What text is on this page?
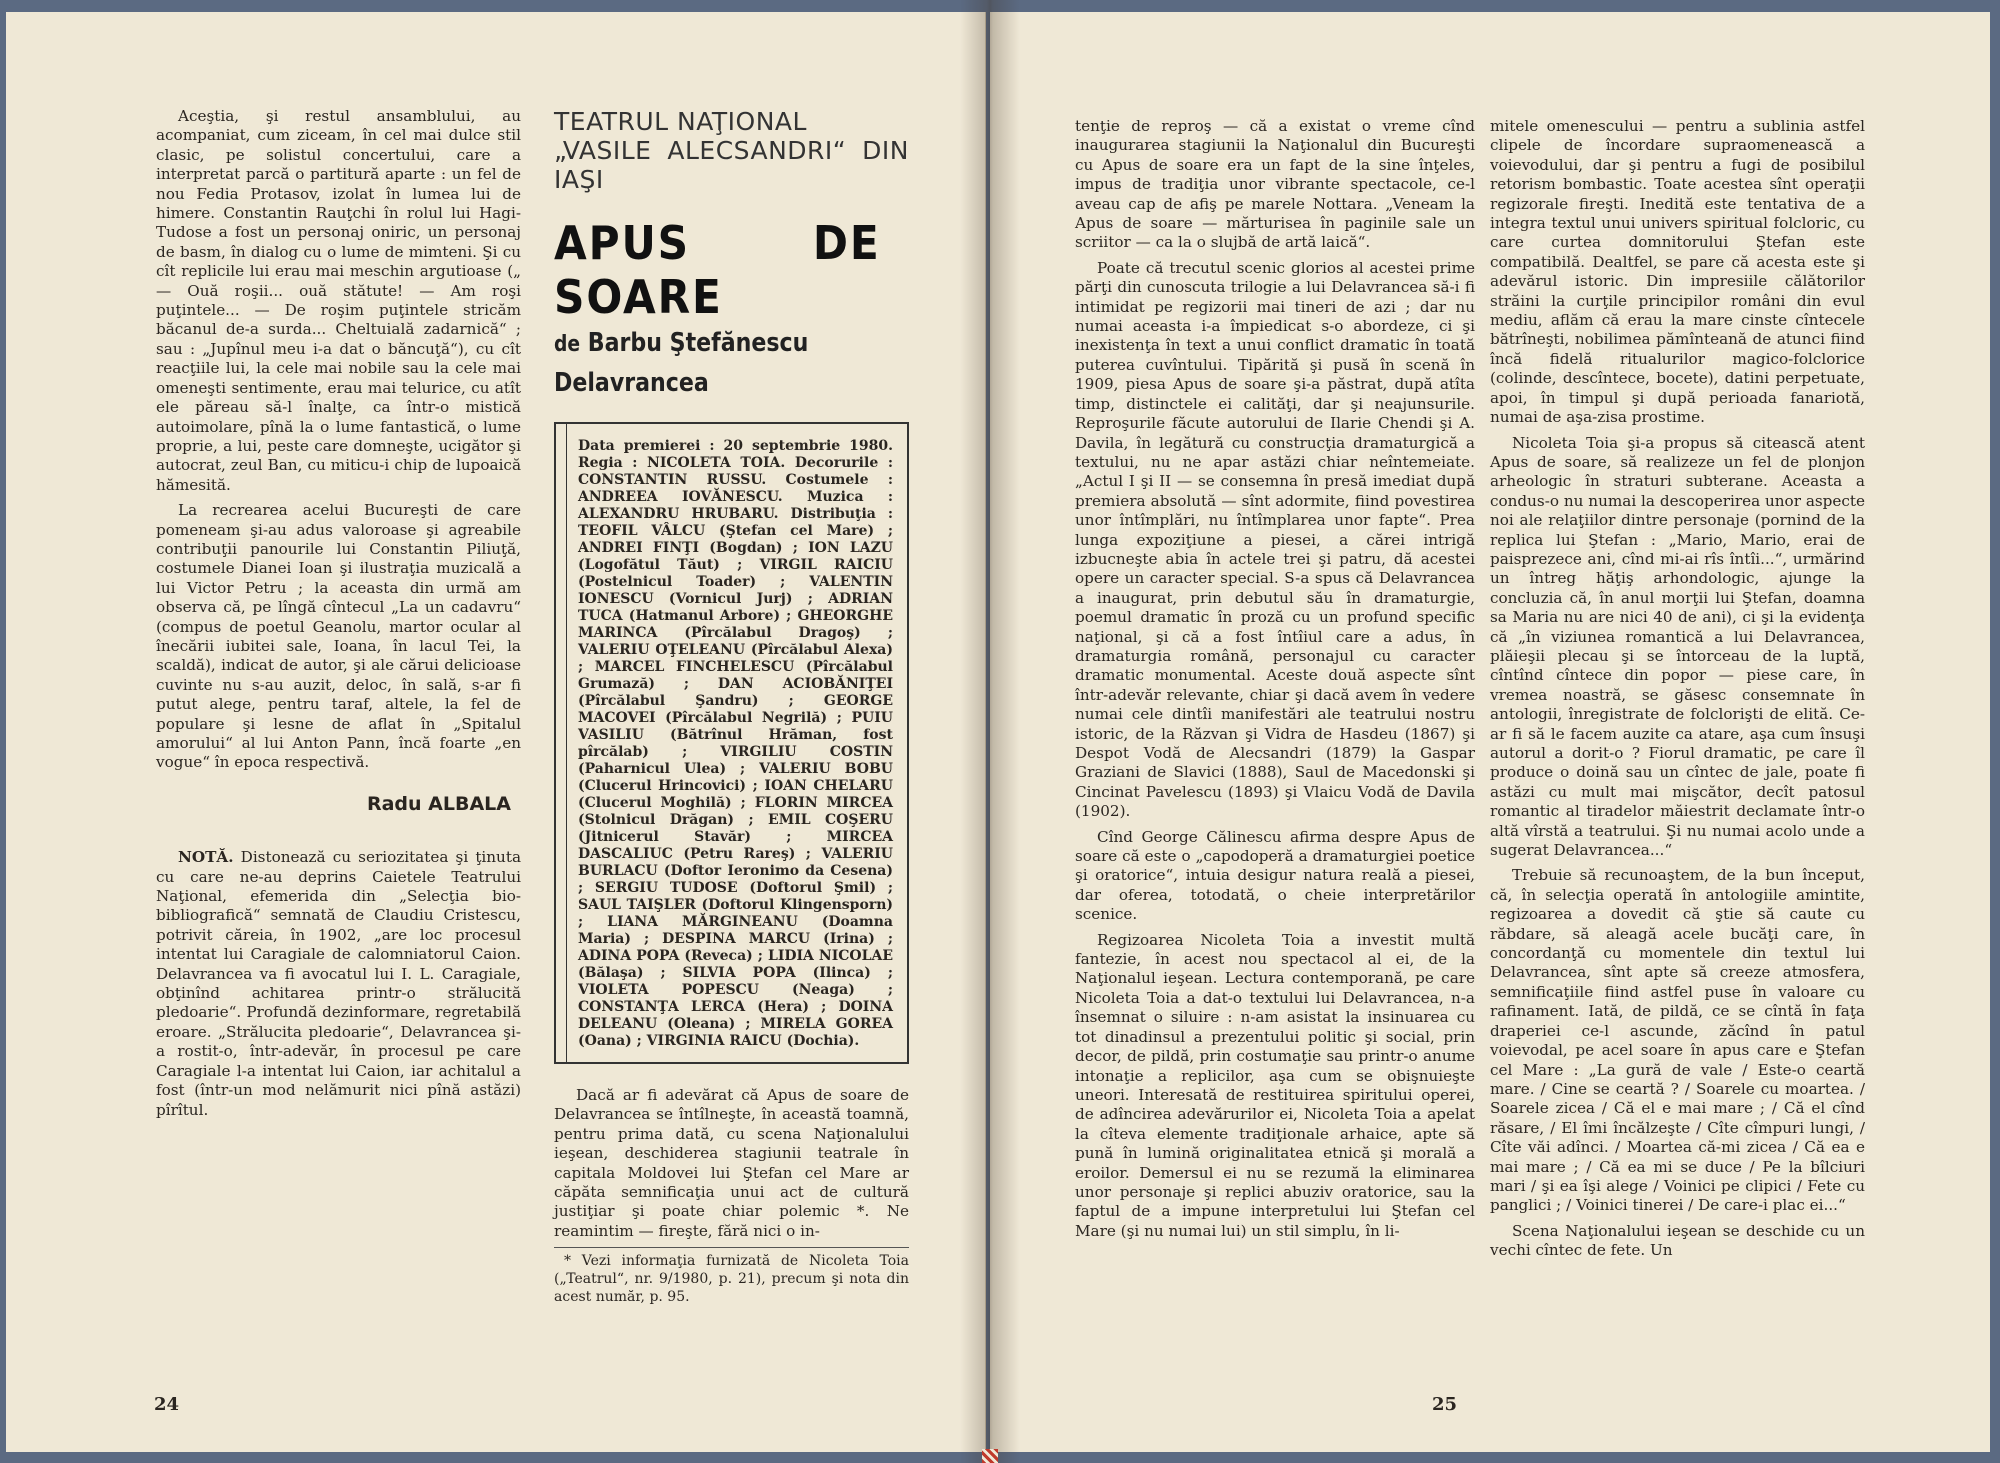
Aceştia, şi restul ansamblului, au acompaniat, cum ziceam, în cel mai dulce stil clasic, pe solistul concertului, care a interpretat parcă o partitură aparte : un fel de nou Fedia Protasov, izolat în lumea lui de himere. Constantin Rauţchi în rolul lui Hagi-Tudose a fost un personaj oniric, un personaj de basm, în dialog cu o lume de mimteni. Şi cu cît replicile lui erau mai meschin argutioase („ — Ouă roşii... ouă stătute! — Am roşi puţintele... — De roşim puţintele stricăm băcanul de-a surda... Cheltuială zadarnică“ ; sau : „Jupînul meu i-a dat o băncuţă“), cu cît reacţiile lui, la cele mai nobile sau la cele mai omeneşti sentimente, erau mai telurice, cu atît ele păreau să-l înalţe, ca într-o mistică autoimolare, pînă la o lume fantastică, o lume proprie, a lui, peste care domneşte, ucigător şi autocrat, zeul Ban, cu miticu-i chip de lupoaică hămesită.

La recrearea acelui Bucureşti de care pomeneam şi-au adus valoroase şi agreabile contribuţii panourile lui Constantin Piliuţă, costumele Dianei Ioan şi ilustraţia muzicală a lui Victor Petru ; la aceasta din urmă am observa că, pe lîngă cîntecul „La un cadavru“ (compus de poetul Geanolu, martor ocular al înecării iubitei sale, Ioana, în lacul Tei, la scaldă), indicat de autor, şi ale cărui delicioase cuvinte nu s-au auzit, deloc, în sală, s-ar fi putut alege, pentru taraf, altele, la fel de populare şi lesne de aflat în „Spitalul amorului“ al lui Anton Pann, încă foarte „en vogue“ în epoca respectivă.

Radu ALBALA

NOTĂ. Distonează cu seriozitatea şi ţinuta cu care ne-au deprins Caietele Teatrului Naţional, efemerida din „Selecţia bio-bibliografică“ semnată de Claudiu Cristescu, potrivit căreia, în 1902, „are loc procesul intentat lui Caragiale de calomniatorul Caion. Delavrancea va fi avocatul lui I. L. Caragiale, obţinînd achitarea printr-o strălucită pledoarie“. Profundă dezinformare, regretabilă eroare. „Strălucita pledoarie“, Delavrancea şi-a rostit-o, într-adevăr, în procesul pe care Caragiale l-a intentat lui Caion, iar achitalul a fost (într-un mod nelămurit nici pînă astăzi) pîrîtul.

TEATRUL NAŢIONAL
„VASILE ALECSANDRI“ DIN IAŞI
APUS DE SOARE
de Barbu Ştefănescu
Delavrancea

Data premierei : 20 septembrie 1980. Regia : NICOLETA TOIA. Decorurile : CONSTANTIN RUSSU. Costumele : ANDREEA IOVĂNESCU. Muzica : ALEXANDRU HRUBARU. Distribuţia : TEOFIL VÂLCU (Ştefan cel Mare) ; ANDREI FINŢI (Bogdan) ; ION LAZU (Logofătul Tăut) ; VIRGIL RAICIU (Postelnicul Toader) ; VALENTIN IONESCU (Vornicul Jurj) ; ADRIAN TUCA (Hatmanul Arbore) ; GHEORGHE MARINCA (Pîrcălabul Dragoş) ; VALERIU OŢELEANU (Pîrcălabul Alexa) ; MARCEL FINCHELESCU (Pîrcălabul Grumază) ; DAN ACIOBĂNIŢEI (Pîrcălabul Şandru) ; GEORGE MACOVEI (Pîrcălabul Negrilă) ; PUIU VASILIU (Bătrînul Hrăman, fost pîrcălab) ; VIRGILIU COSTIN (Paharnicul Ulea) ; VALERIU BOBU (Clucerul Hrincovici) ; IOAN CHELARU (Clucerul Moghilă) ; FLORIN MIRCEA (Stolnicul Drăgan) ; EMIL COŞERU (Jitnicerul Stavăr) ; MIRCEA DASCALIUC (Petru Rareş) ; VALERIU BURLACU (Doftor Ieronimo da Cesena) ; SERGIU TUDOSE (Doftorul Şmil) ; SAUL TAIŞLER (Doftorul Klingensporn) ; LIANA MĂRGINEANU (Doamna Maria) ; DESPINA MARCU (Irina) ; ADINA POPA (Reveca) ; LIDIA NICOLAE (Bălaşa) ; SILVIA POPA (Ilinca) ; VIOLETA POPESCU (Neaga) ; CONSTANŢA LERCA (Hera) ; DOINA DELEANU (Oleana) ; MIRELA GOREA (Oana) ; VIRGINIA RAICU (Dochia).

Dacă ar fi adevărat că Apus de soare de Delavrancea se întîlneşte, în această toamnă, pentru prima dată, cu scena Naţionalului ieşean, deschiderea stagiunii teatrale în capitala Moldovei lui Ştefan cel Mare ar căpăta semnificaţia unui act de cultură justiţiar şi poate chiar polemic *. Ne reamintim — fireşte, fără nici o in-

* Vezi informaţia furnizată de Nicoleta Toia („Teatrul“, nr. 9/1980, p. 21), precum şi nota din acest număr, p. 95.

24

tenţie de reproş — că a existat o vreme cînd inaugurarea stagiunii la Naţionalul din Bucureşti cu Apus de soare era un fapt de la sine înţeles, impus de tradiţia unor vibrante spectacole, ce-l aveau cap de afiş pe marele Nottara. „Veneam la Apus de soare — mărturisea în paginile sale un scriitor — ca la o slujbă de artă laică“.

Poate că trecutul scenic glorios al acestei prime părţi din cunoscuta trilogie a lui Delavrancea să-i fi intimidat pe regizorii mai tineri de azi ; dar nu numai aceasta i-a împiedicat s-o abordeze, ci şi inexistenţa în text a unui conflict dramatic în toată puterea cuvîntului. Tipărită şi pusă în scenă în 1909, piesa Apus de soare şi-a păstrat, după atîta timp, distinctele ei calităţi, dar şi neajunsurile. Reproşurile făcute autorului de Ilarie Chendi şi A. Davila, în legătură cu construcţia dramaturgică a textului, nu ne apar astăzi chiar neîntemeiate. „Actul I şi II — se consemna în presă imediat după premiera absolută — sînt adormite, fiind povestirea unor întîmplări, nu întîmplarea unor fapte“. Prea lunga expoziţiune a piesei, a cărei intrigă izbucneşte abia în actele trei şi patru, dă acestei opere un caracter special. S-a spus că Delavrancea a inaugurat, prin debutul său în dramaturgie, poemul dramatic în proză cu un profund specific naţional, şi că a fost întîiul care a adus, în dramaturgia română, personajul cu caracter dramatic monumental. Aceste două aspecte sînt într-adevăr relevante, chiar şi dacă avem în vedere numai cele dintîi manifestări ale teatrului nostru istoric, de la Răzvan şi Vidra de Hasdeu (1867) şi Despot Vodă de Alecsandri (1879) la Gaspar Graziani de Slavici (1888), Saul de Macedonski şi Cincinat Pavelescu (1893) şi Vlaicu Vodă de Davila (1902).

Cînd George Călinescu afirma despre Apus de soare că este o „capodoperă a dramaturgiei poetice şi oratorice“, intuia desigur natura reală a piesei, dar oferea, totodată, o cheie interpretărilor scenice.

Regizoarea Nicoleta Toia a investit multă fantezie, în acest nou spectacol al ei, de la Naţionalul ieşean. Lectura contemporană, pe care Nicoleta Toia a dat-o textului lui Delavrancea, n-a însemnat o siluire : n-am asistat la insinuarea cu tot dinadinsul a prezentului politic şi social, prin decor, de pildă, prin costumaţie sau printr-o anume intonaţie a replicilor, aşa cum se obişnuieşte uneori. Interesată de restituirea spiritului operei, de adîncirea adevărurilor ei, Nicoleta Toia a apelat la cîteva elemente tradiţionale arhaice, apte să pună în lumină originalitatea etnică şi morală a eroilor. Demersul ei nu se rezumă la eliminarea unor personaje şi replici abuziv oratorice, sau la faptul de a impune interpretului lui Ştefan cel Mare (şi nu numai lui) un stil simplu, în li-

mitele omenescului — pentru a sublinia astfel clipele de încordare supraomenească a voievodului, dar şi pentru a fugi de posibilul retorism bombastic. Toate acestea sînt operaţii regizorale fireşti. Inedită este tentativa de a integra textul unui univers spiritual folcloric, cu care curtea domnitorului Ştefan este compatibilă. Dealtfel, se pare că acesta este şi adevărul istoric. Din impresiile călătorilor străini la curţile principilor români din evul mediu, aflăm că erau la mare cinste cîntecele bătrîneşti, nobilimea pămînteană de atunci fiind încă fidelă ritualurilor magico-folclorice (colinde, descîntece, bocete), datini perpetuate, apoi, în timpul şi după perioada fanariotă, numai de aşa-zisa prostime.

Nicoleta Toia şi-a propus să citească atent Apus de soare, să realizeze un fel de plonjon arheologic în straturi subterane. Aceasta a condus-o nu numai la descoperirea unor aspecte noi ale relaţiilor dintre personaje (pornind de la replica lui Ştefan : „Mario, Mario, erai de paisprezece ani, cînd mi-ai rîs întîi...“, urmărind un întreg hăţiş arhondologic, ajunge la concluzia că, în anul morţii lui Ştefan, doamna sa Maria nu are nici 40 de ani), ci şi la evidenţa că „în viziunea romantică a lui Delavrancea, plăieşii plecau şi se întorceau de la luptă, cîntînd cîntece din popor — piese care, în vremea noastră, se găsesc consemnate în antologii, înregistrate de folclorişti de elită. Ce-ar fi să le facem auzite ca atare, aşa cum însuşi autorul a dorit-o ? Fiorul dramatic, pe care îl produce o doină sau un cîntec de jale, poate fi astăzi cu mult mai mişcător, decît patosul romantic al tiradelor măiestrit declamate într-o altă vîrstă a teatrului. Şi nu numai acolo unde a sugerat Delavrancea...“

Trebuie să recunoaştem, de la bun început, că, în selecţia operată în antologiile amintite, regizoarea a dovedit că ştie să caute cu răbdare, să aleagă acele bucăţi care, în concordanţă cu momentele din textul lui Delavrancea, sînt apte să creeze atmosfera, semnificaţiile fiind astfel puse în valoare cu rafinament. Iată, de pildă, ce se cîntă în faţa draperiei ce-l ascunde, zăcînd în patul voievodal, pe acel soare în apus care e Ştefan cel Mare : „La gură de vale / Este-o ceartă mare. / Cine se ceartă ? / Soarele cu moartea. / Soarele zicea / Că el e mai mare ; / Că el cînd răsare, / El îmi încălzeşte / Cîte cîmpuri lungi, / Cîte văi adînci. / Moartea că-mi zicea / Că ea e mai mare ; / Că ea mi se duce / Pe la bîlciuri mari / şi ea îşi alege / Voinici pe clipici / Fete cu panglici ; / Voinici tinerei / De care-i plac ei...“

Scena Naţionalului ieşean se deschide cu un vechi cîntec de fete. Un

25
